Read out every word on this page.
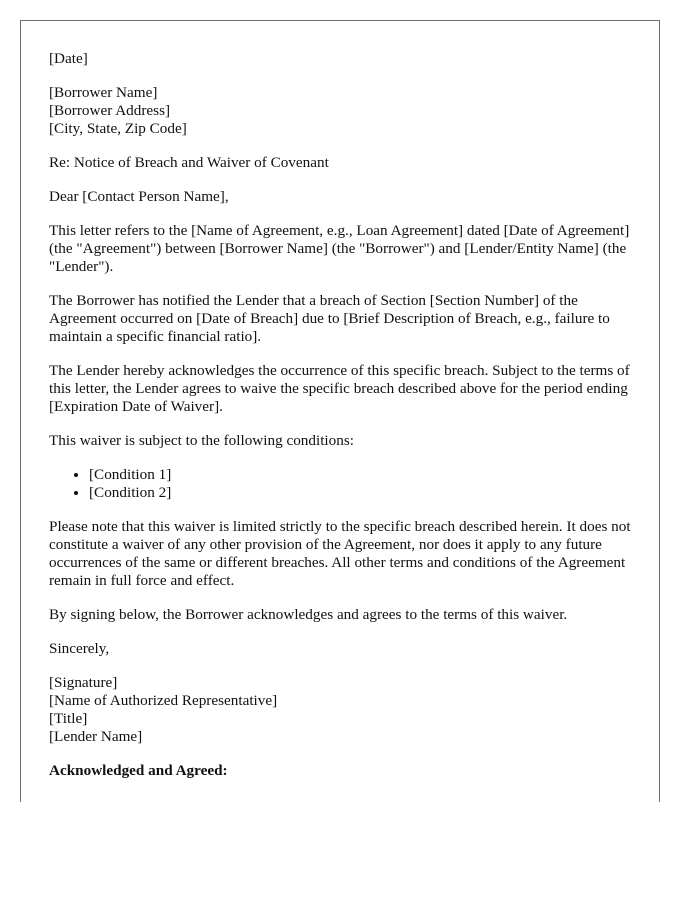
[Date]
[Borrower Name]
[Borrower Address]
[City, State, Zip Code]

Re: Notice of Breach and Waiver of Covenant

Dear [Contact Person Name],

This letter refers to the [Name of Agreement, e.g., Loan Agreement] dated [Date of Agreement] (the "Agreement") between [Borrower Name] (the "Borrower") and [Lender/Entity Name] (the "Lender").

The Borrower has notified the Lender that a breach of Section [Section Number] of the Agreement occurred on [Date of Breach] due to [Brief Description of Breach, e.g., failure to maintain a specific financial ratio].

The Lender hereby acknowledges the occurrence of this specific breach. Subject to the terms of this letter, the Lender agrees to waive the specific breach described above for the period ending [Expiration Date of Waiver].

This waiver is subject to the following conditions:

• [Condition 1]
• [Condition 2]

Please note that this waiver is limited strictly to the specific breach described herein. It does not constitute a waiver of any other provision of the Agreement, nor does it apply to any future occurrences of the same or different breaches. All other terms and conditions of the Agreement remain in full force and effect.

By signing below, the Borrower acknowledges and agrees to the terms of this waiver.

Sincerely,

[Signature]
[Name of Authorized Representative]
[Title]
[Lender Name]

Acknowledged and Agreed:
